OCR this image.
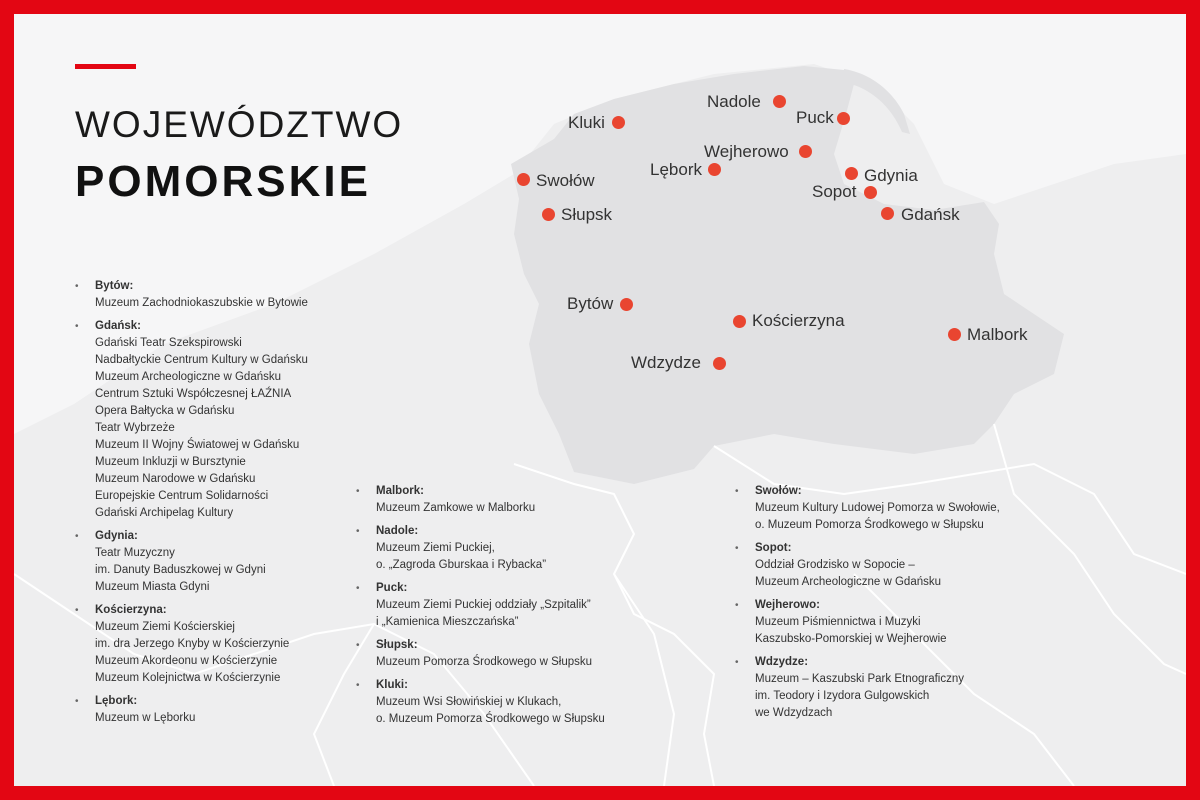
WOJEWÓDZTWO
POMORSKIE
Nadole
Kluki	Puck
Wejherowo
Lębork	Gdynia
Swołów
Sopot
Słupsk	Gdańsk
Bytów
Kościerzyna
Malbork
Wdzydze
• Bytów:
Muzeum Zachodniokaszubskie w Bytowie
• Gdańsk:
Gdański Teatr Szekspirowski
Nadbałtyckie Centrum Kultury w Gdańsku
Muzeum Archeologiczne w Gdańsku
Centrum Sztuki Współczesnej ŁAŹNIA
Opera Bałtycka w Gdańsku
Teatr Wybrzeże
Muzeum II Wojny Światowej w Gdańsku
Muzeum Inkluzji w Bursztynie
Muzeum Narodowe w Gdańsku
Europejskie Centrum Solidarności
Gdański Archipelag Kultury
• Gdynia:
Teatr Muzyczny
im. Danuty Baduszkowej w Gdyni
Muzeum Miasta Gdyni
• Kościerzyna:
Muzeum Ziemi Kościerskiej
im. dra Jerzego Knyby w Kościerzynie
Muzeum Akordeonu w Kościerzynie
Muzeum Kolejnictwa w Kościerzynie
• Lębork:
Muzeum w Lęborku
• Malbork:
Muzeum Zamkowe w Malborku
• Nadole:
Muzeum Ziemi Puckiej,
o. „Zagroda Gburskaa i Rybacka”
• Puck:
Muzeum Ziemi Puckiej oddziały „Szpitalik”
i „Kamienica Mieszczańska”
• Słupsk:
Muzeum Pomorza Środkowego w Słupsku
• Kluki:
Muzeum Wsi Słowińskiej w Klukach,
o. Muzeum Pomorza Środkowego w Słupsku
• Swołów:
Muzeum Kultury Ludowej Pomorza w Swołowie,
o. Muzeum Pomorza Środkowego w Słupsku
• Sopot:
Oddział Grodzisko w Sopocie –
Muzeum Archeologiczne w Gdańsku
• Wejherowo:
Muzeum Piśmiennictwa i Muzyki
Kaszubsko-Pomorskiej w Wejherowie
• Wdzydze:
Muzeum – Kaszubski Park Etnograficzny
im. Teodory i Izydora Gulgowskich
we Wdzydzach
